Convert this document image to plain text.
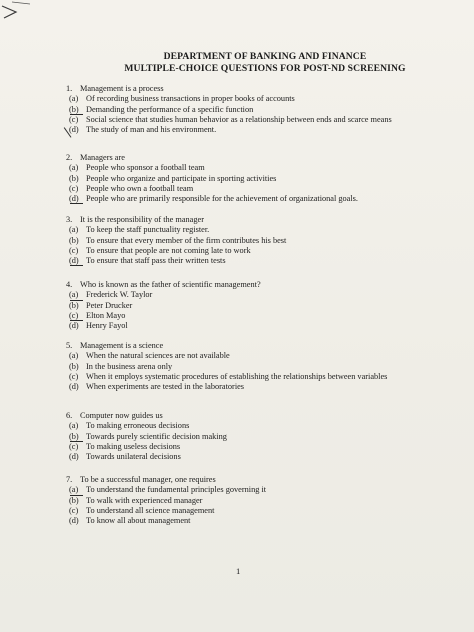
DEPARTMENT OF BANKING AND FINANCE
MULTIPLE-CHOICE QUESTIONS FOR POST-ND SCREENING
1. Management is a process
(a) Of recording business transactions in proper books of accounts
(b) Demanding the performance of a specific function
(c) Social science that studies human behavior as a relationship between ends and scarce means
(d) The study of man and his environment.
2. Managers are
(a) People who sponsor a football team
(b) People who organize and participate in sporting activities
(c) People who own a football team
(d) People who are primarily responsible for the achievement of organizational goals.
3. It is the responsibility of the manager
(a) To keep the staff punctuality register.
(b) To ensure that every member of the firm contributes his best
(c) To ensure that people are not coming late to work
(d) To ensure that staff pass their written tests
4. Who is known as the father of scientific management?
(a) Frederick W. Taylor
(b) Peter Drucker
(c) Elton Mayo
(d) Henry Fayol
5. Management is a science
(a) When the natural sciences are not available
(b) In the business arena only
(c) When it employs systematic procedures of establishing the relationships between variables
(d) When experiments are tested in the laboratories
6. Computer now guides us
(a) To making erroneous decisions
(b) Towards purely scientific decision making
(c) To making useless decisions
(d) Towards unilateral decisions
7. To be a successful manager, one requires
(a) To understand the fundamental principles governing it
(b) To walk with experienced manager
(c) To understand all science management
(d) To know all about management
1
